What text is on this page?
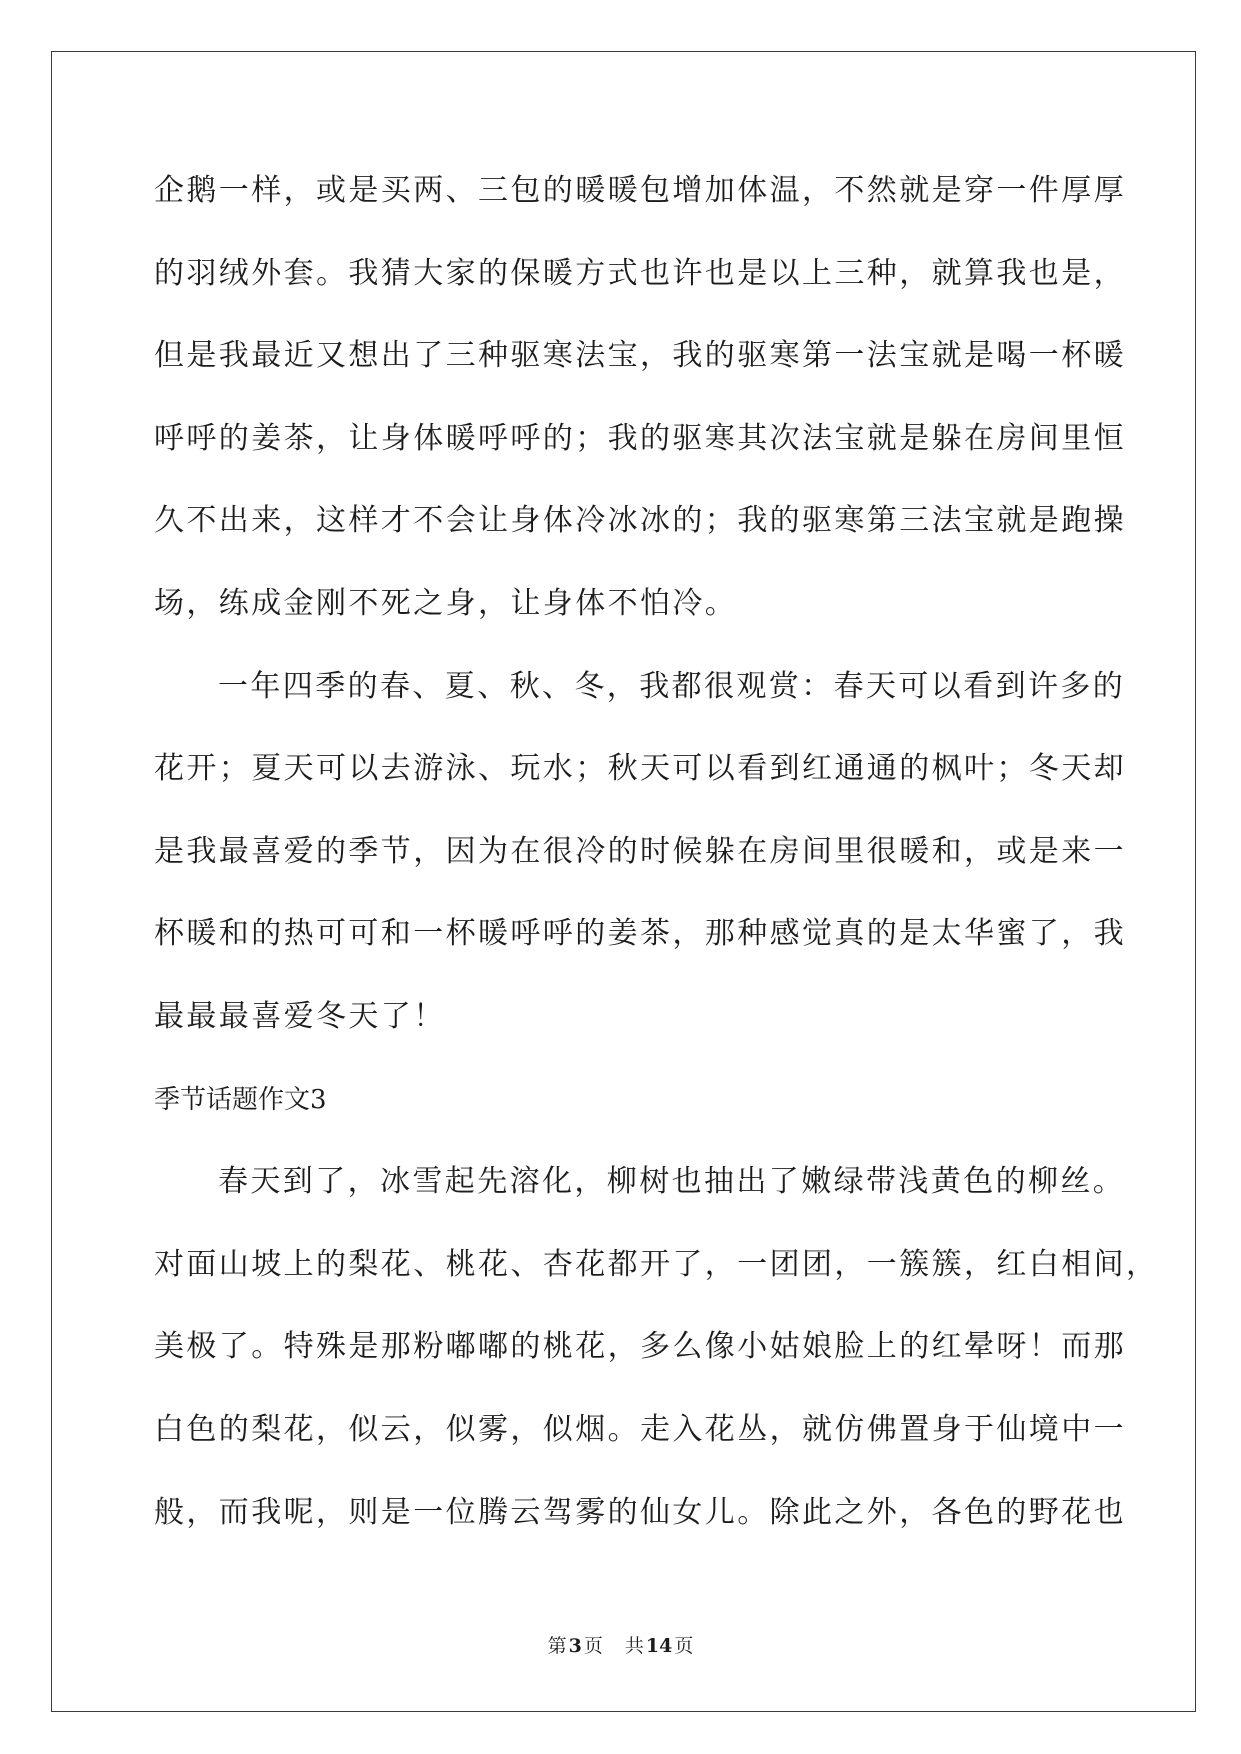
企鹅一样，或是买两、三包的暖暖包增加体温，不然就是穿一件厚厚
的羽绒外套。我猜大家的保暖方式也许也是以上三种，就算我也是，
但是我最近又想出了三种驱寒法宝，我的驱寒第一法宝就是喝一杯暖
呼呼的姜茶，让身体暖呼呼的；我的驱寒其次法宝就是躲在房间里恒
久不出来，这样才不会让身体冷冰冰的；我的驱寒第三法宝就是跑操
场，练成金刚不死之身，让身体不怕冷。
一年四季的春、夏、秋、冬，我都很观赏：春天可以看到许多的
花开；夏天可以去游泳、玩水；秋天可以看到红通通的枫叶；冬天却
是我最喜爱的季节，因为在很冷的时候躲在房间里很暖和，或是来一
杯暖和的热可可和一杯暖呼呼的姜茶，那种感觉真的是太华蜜了，我
最最最喜爱冬天了！
季节话题作文3
春天到了，冰雪起先溶化，柳树也抽出了嫩绿带浅黄色的柳丝。
对面山坡上的梨花、桃花、杏花都开了，一团团，一簇簇，红白相间，
美极了。特殊是那粉嘟嘟的桃花，多么像小姑娘脸上的红晕呀！而那
白色的梨花，似云，似雾，似烟。走入花丛，就仿佛置身于仙境中一
般，而我呢，则是一位腾云驾雾的仙女儿。除此之外，各色的野花也
第 3 页 共 14 页
